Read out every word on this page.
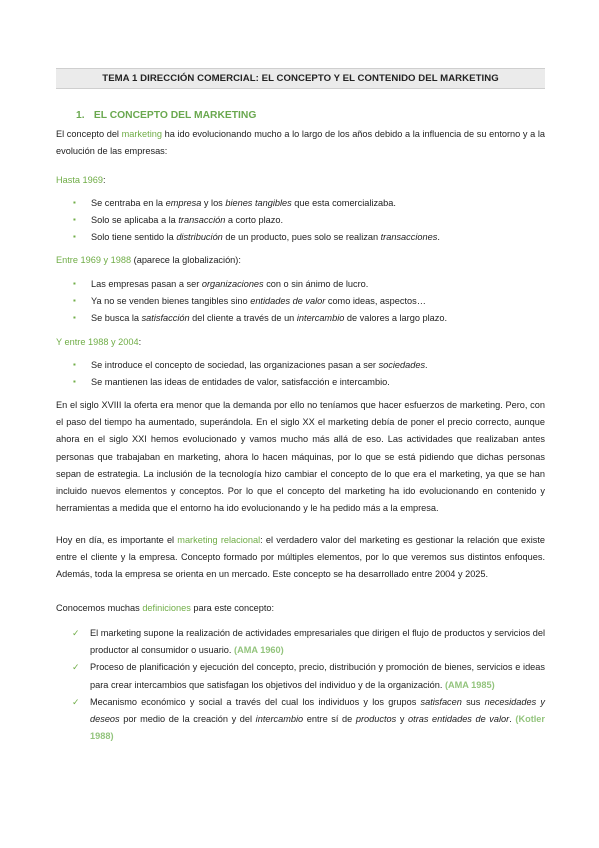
TEMA 1 DIRECCIÓN COMERCIAL: EL CONCEPTO Y EL CONTENIDO DEL MARKETING
1. EL CONCEPTO DEL MARKETING

El concepto del marketing ha ido evolucionando mucho a lo largo de los años debido a la influencia de su entorno y a la evolución de las empresas:

Hasta 1969:
▪ Se centraba en la empresa y los bienes tangibles que esta comercializaba.
▪ Solo se aplicaba a la transacción a corto plazo.
▪ Solo tiene sentido la distribución de un producto, pues solo se realizan transacciones.
Entre 1969 y 1988 (aparece la globalización):
▪ Las empresas pasan a ser organizaciones con o sin ánimo de lucro.
▪ Ya no se venden bienes tangibles sino entidades de valor como ideas, aspectos…
▪ Se busca la satisfacción del cliente a través de un intercambio de valores a largo plazo.
Y entre 1988 y 2004:
▪ Se introduce el concepto de sociedad, las organizaciones pasan a ser sociedades.
▪ Se mantienen las ideas de entidades de valor, satisfacción e intercambio.

En el siglo XVIII la oferta era menor que la demanda por ello no teníamos que hacer esfuerzos de marketing. Pero, con el paso del tiempo ha aumentado, superándola. En el siglo XX el marketing debía de poner el precio correcto, aunque ahora en el siglo XXI hemos evolucionado y vamos mucho más allá de eso. Las actividades que realizaban antes personas que trabajaban en marketing, ahora lo hacen máquinas, por lo que se está pidiendo que dichas personas sepan de estrategia. La inclusión de la tecnología hizo cambiar el concepto de lo que era el marketing, ya que se han incluido nuevos elementos y conceptos. Por lo que el concepto del marketing ha ido evolucionando en contenido y herramientas a medida que el entorno ha ido evolucionando y le ha pedido más a la empresa.

Hoy en día, es importante el marketing relacional: el verdadero valor del marketing es gestionar la relación que existe entre el cliente y la empresa. Concepto formado por múltiples elementos, por lo que veremos sus distintos enfoques. Además, toda la empresa se orienta en un mercado. Este concepto se ha desarrollado entre 2004 y 2025.

Conocemos muchas definiciones para este concepto:

✓ El marketing supone la realización de actividades empresariales que dirigen el flujo de productos y servicios del productor al consumidor o usuario. (AMA 1960)
✓ Proceso de planificación y ejecución del concepto, precio, distribución y promoción de bienes, servicios e ideas para crear intercambios que satisfagan los objetivos del individuo y de la organización. (AMA 1985)
✓ Mecanismo económico y social a través del cual los individuos y los grupos satisfacen sus necesidades y deseos por medio de la creación y del intercambio entre sí de productos y otras entidades de valor. (Kotler 1988)
